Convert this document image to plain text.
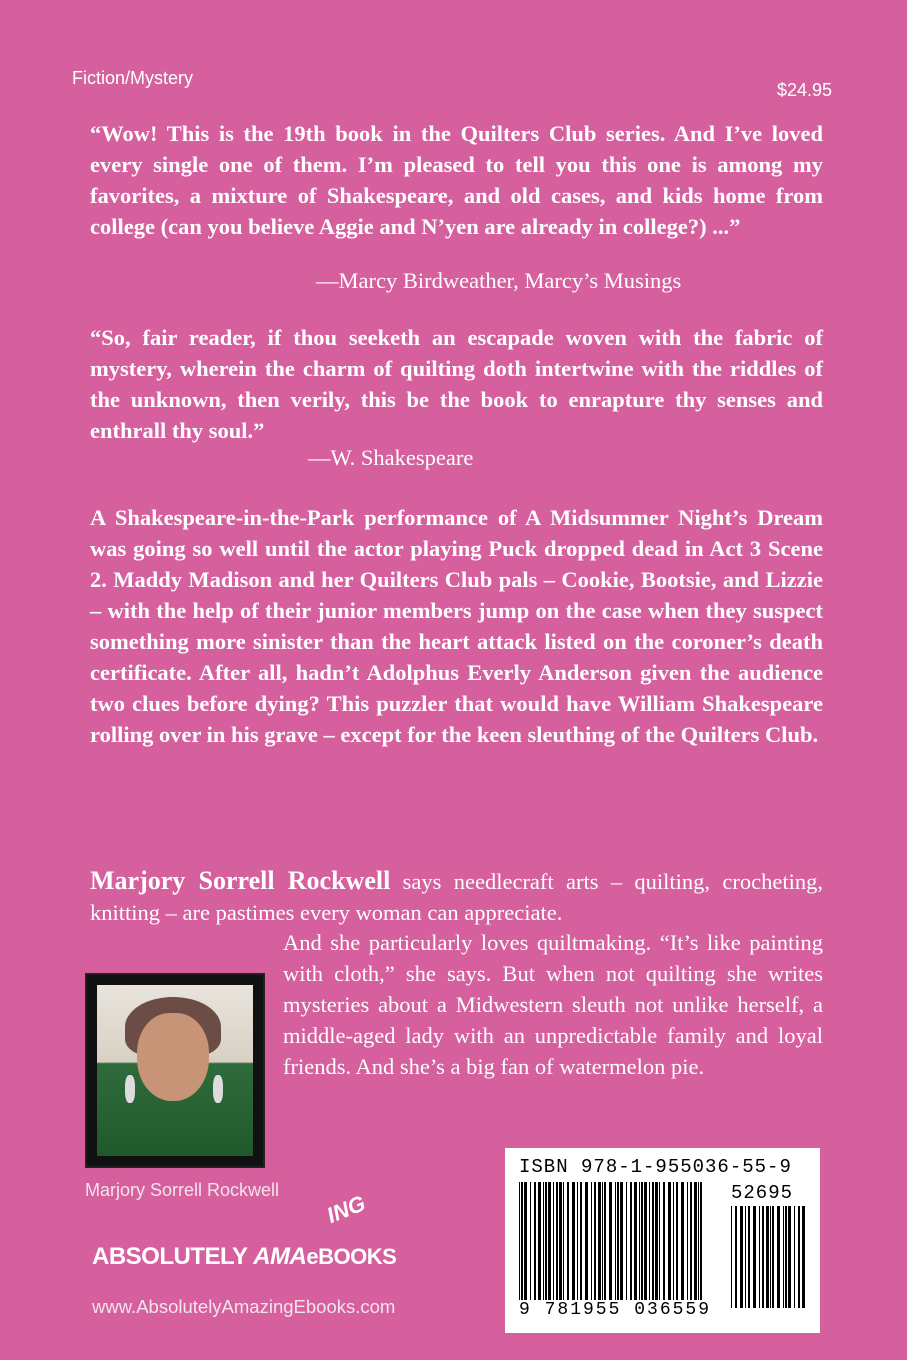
Fiction/Mystery
$24.95
“Wow! This is the 19th book in the Quilters Club series. And I’ve loved every single one of them. I’m pleased to tell you this one is among my favorites, a mixture of Shakespeare, and old cases, and kids home from college (can you believe Aggie and N’yen are already in college?) ...”
—Marcy Birdweather, Marcy’s Musings
“So, fair reader, if thou seeketh an escapade woven with the fabric of mystery, wherein the charm of quilting doth intertwine with the riddles of the unknown, then verily, this be the book to enrapture thy senses and enthrall thy soul.”
—W. Shakespeare
A Shakespeare-in-the-Park performance of A Midsummer Night’s Dream was going so well until the actor playing Puck dropped dead in Act 3 Scene 2. Maddy Madison and her Quilters Club pals – Cookie, Bootsie, and Lizzie – with the help of their junior members jump on the case when they suspect something more sinister than the heart attack listed on the coroner’s death certificate. After all, hadn’t Adolphus Everly Anderson given the audience two clues before dying? This puzzler that would have William Shakespeare rolling over in his grave – except for the keen sleuthing of the Quilters Club.
Marjory Sorrell Rockwell says needlecraft arts – quilting, crocheting, knitting – are pastimes every woman can appreciate.
And she particularly loves quiltmaking. “It’s like painting with cloth,” she says. But when not quilting she writes mysteries about a Midwestern sleuth not unlike herself, a middle-aged lady with an unpredictable family and loyal friends. And she’s a big fan of watermelon pie.
Marjory Sorrell Rockwell
ING
ABSOLUTELY AMAeBOOKS
www.AbsolutelyAmazingEbooks.com
ISBN 978-1-955036-55-9
52695
9 781955 036559
